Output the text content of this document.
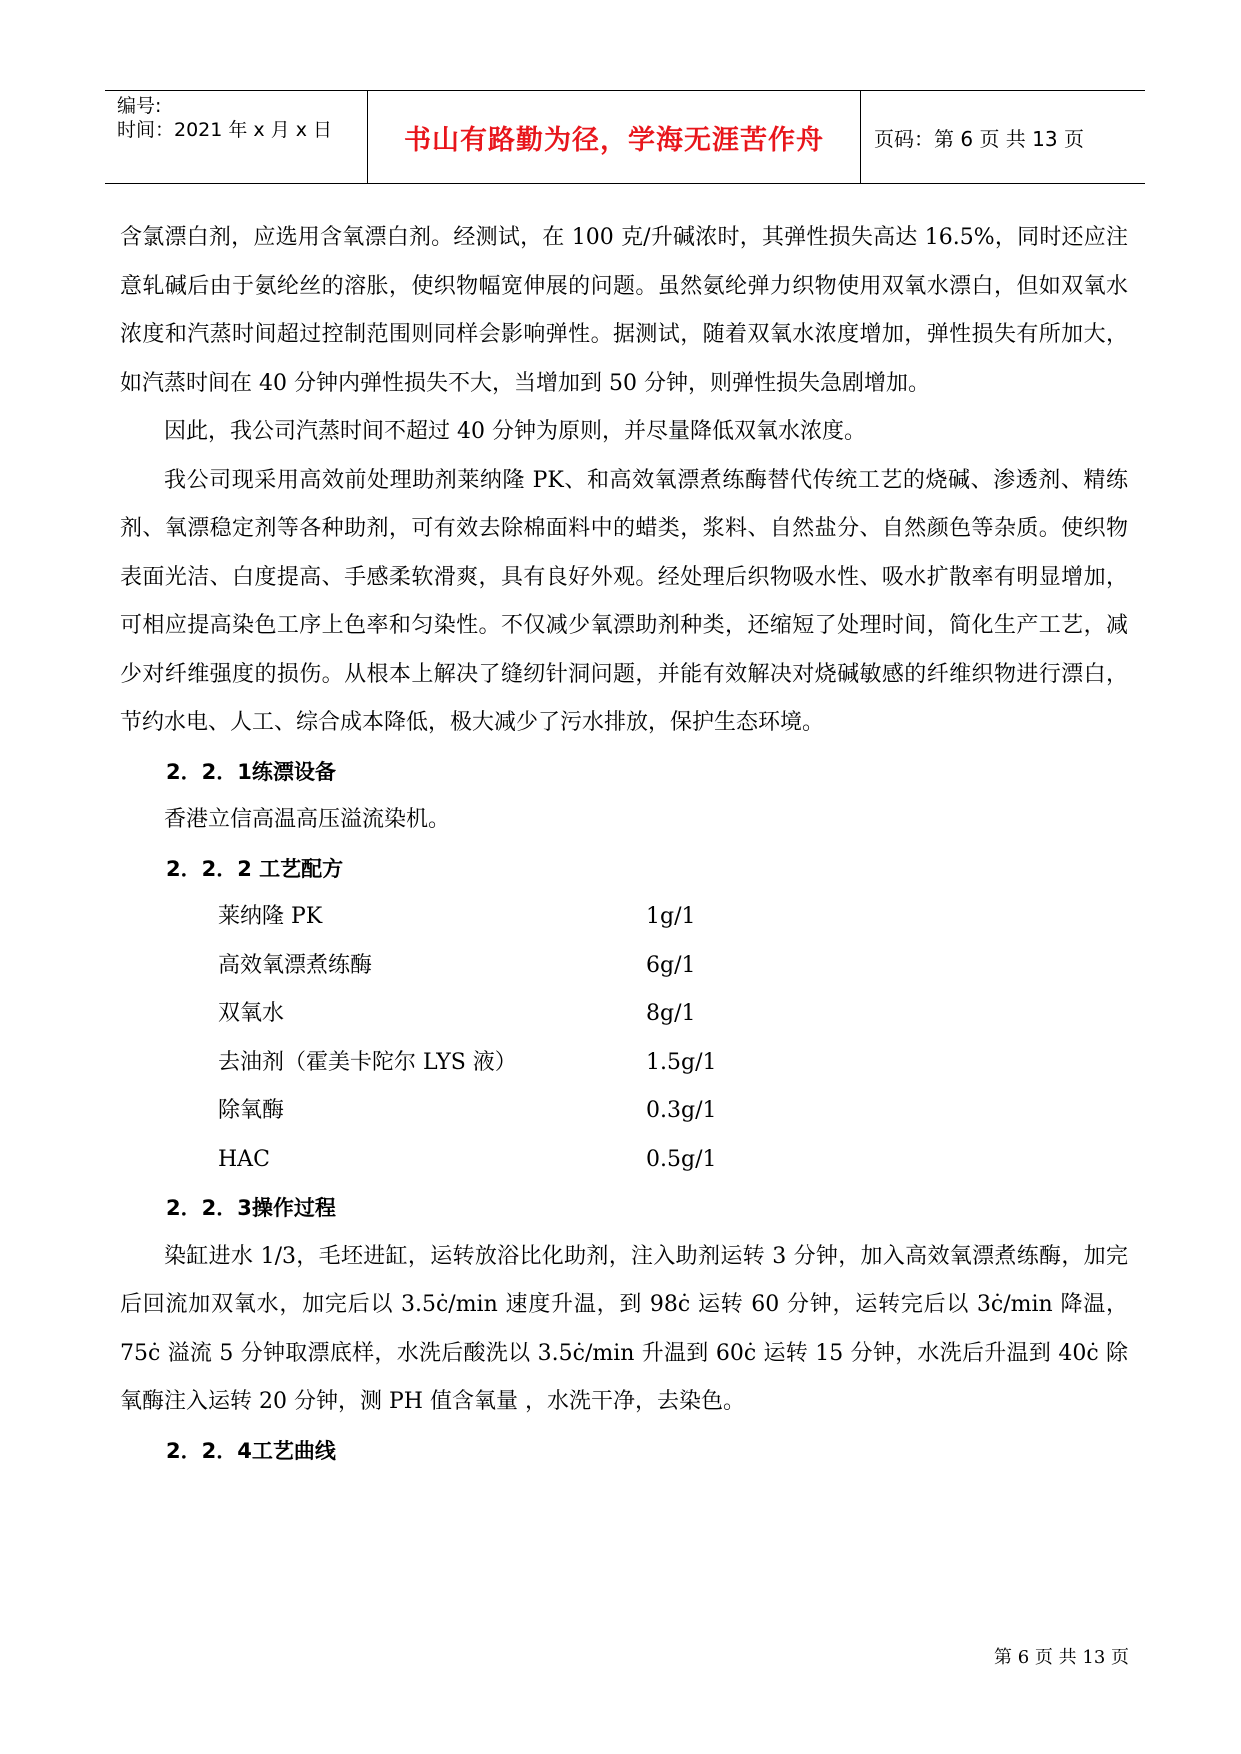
编号:
时间：2021 年 x 月 x 日	书山有路勤为径，学海无涯苦作舟	页码：第 6 页 共 13 页

含氯漂白剂，应选用含氧漂白剂。经测试，在 100 克/升碱浓时，其弹性损失高达 16.5%，同时还应注意轧碱后由于氨纶丝的溶胀，使织物幅宽伸展的问题。虽然氨纶弹力织物使用双氧水漂白，但如双氧水浓度和汽蒸时间超过控制范围则同样会影响弹性。据测试，随着双氧水浓度增加，弹性损失有所加大，如汽蒸时间在 40 分钟内弹性损失不大，当增加到 50 分钟，则弹性损失急剧增加。

因此，我公司汽蒸时间不超过 40 分钟为原则，并尽量降低双氧水浓度。

我公司现采用高效前处理助剂莱纳隆 PK、和高效氧漂煮练酶替代传统工艺的烧碱、渗透剂、精练剂、氧漂稳定剂等各种助剂，可有效去除棉面料中的蜡类，浆料、自然盐分、自然颜色等杂质。使织物表面光洁、白度提高、手感柔软滑爽，具有良好外观。经处理后织物吸水性、吸水扩散率有明显增加，可相应提高染色工序上色率和匀染性。不仅减少氧漂助剂种类，还缩短了处理时间，简化生产工艺，减少对纤维强度的损伤。从根本上解决了缝纫针洞问题，并能有效解决对烧碱敏感的纤维织物进行漂白，节约水电、人工、综合成本降低，极大减少了污水排放，保护生态环境。

2．2．1练漂设备

香港立信高温高压溢流染机。

2．2．2 工艺配方

莱纳隆 PK	1g/1
高效氧漂煮练酶	6g/1
双氧水	8g/1
去油剂（霍美卡陀尔 LYS 液）	1.5g/1
除氧酶	0.3g/1
HAC	0.5g/1

2．2．3操作过程

染缸进水 1/3，毛坯进缸，运转放浴比化助剂，注入助剂运转 3 分钟，加入高效氧漂煮练酶，加完后回流加双氧水，加完后以 3.5ċ/min 速度升温，到 98ċ 运转 60 分钟，运转完后以 3ċ/min 降温，75ċ 溢流 5 分钟取漂底样，水洗后酸洗以 3.5ċ/min 升温到 60ċ 运转 15 分钟，水洗后升温到 40ċ 除氧酶注入运转 20 分钟，测 PH 值含氧量 ，水洗干净，去染色。

2．2．4工艺曲线

第 6 页 共 13 页
